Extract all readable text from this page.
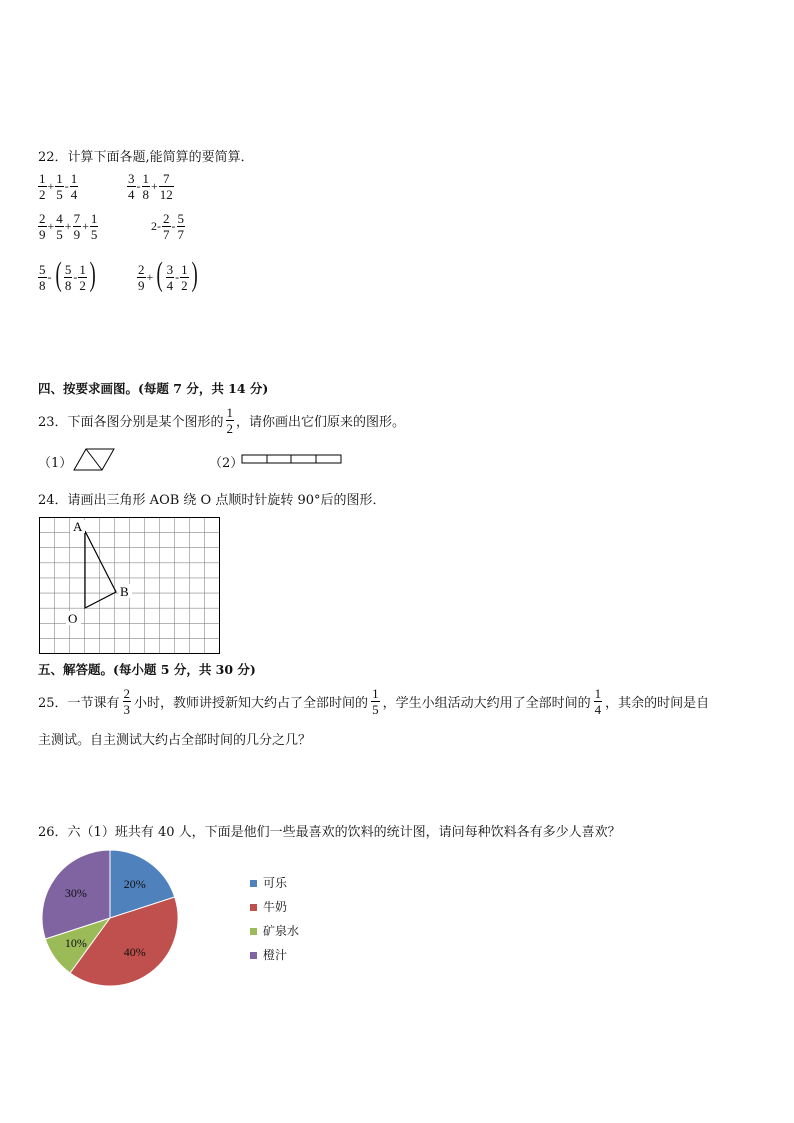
22．计算下面各题,能简算的要简算．
$\frac{1}{2} + \frac{1}{5} - \frac{1}{4}$	$\frac{3}{4} - \frac{1}{8} + \frac{7}{12}$
$\frac{2}{9} + \frac{4}{5} + \frac{7}{9} + \frac{1}{5}$	$2- \frac{2}{7} - \frac{5}{7}$
$\frac{5}{8}$ - ( $\frac{5}{8} - \frac{1}{2}$ )	$\frac{2}{9}$ + ( $\frac{3}{4} - \frac{1}{2}$ )
四、按要求画图。(每题 7 分，共 14 分)
23．下面各图分别是某个图形的 $\frac{1}{2}$ ，请你画出它们原来的图形。
（1）	（2）
24．请画出三角形 AOB 绕 O 点顺时针旋转 90°后的图形．
A
B
O
五、解答题。(每小题 5 分，共 30 分)
25．一节课有 $\frac{2}{3}$ 小时，教师讲授新知大约占了全部时间的 $\frac{1}{5}$ ，学生小组活动大约用了全部时间的 $\frac{1}{4}$ ，其余的时间是自
主测试。自主测试大约占全部时间的几分之几？
26．六（1）班共有 40 人，下面是他们一些最喜欢的饮料的统计图，请问每种饮料各有多少人喜欢？
20%
40%
10%
30%
可乐
牛奶
矿泉水
橙汁
